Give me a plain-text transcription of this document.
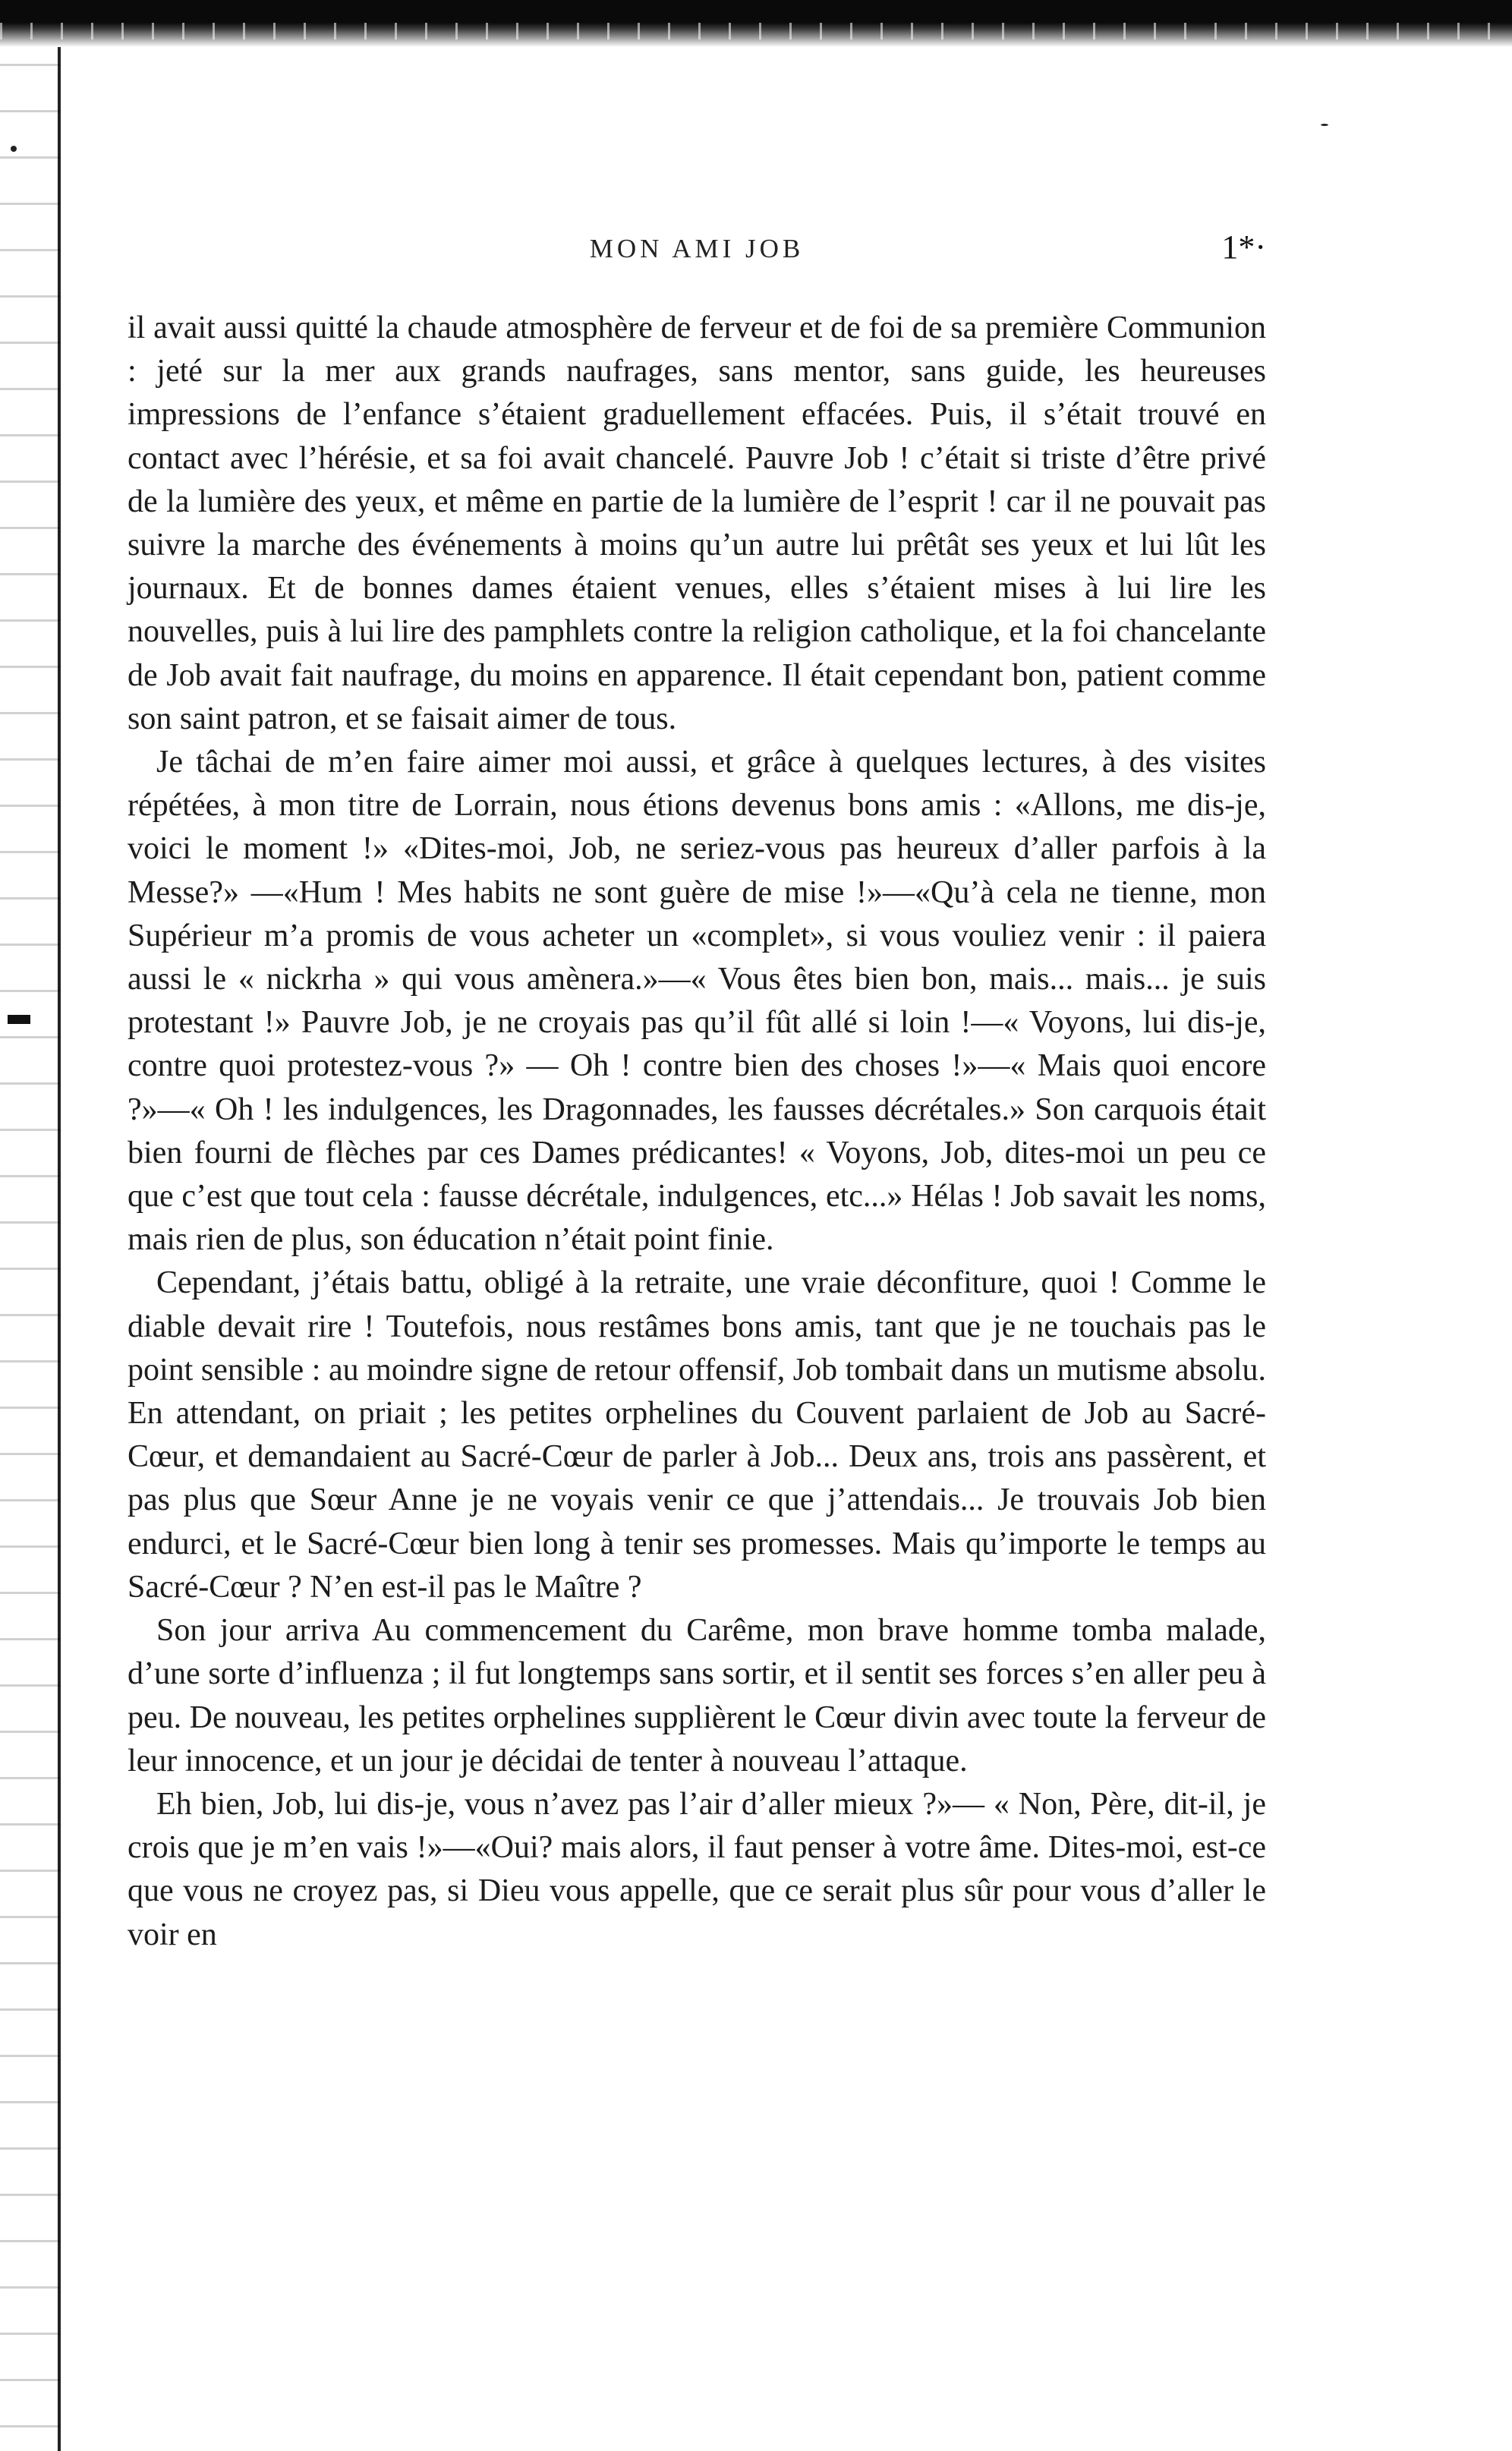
MON AMI JOB	1*·

il avait aussi quitté la chaude atmosphère de ferveur et de foi de sa première Communion : jeté sur la mer aux grands naufrages, sans mentor, sans guide, les heureuses impressions de l’enfance s’étaient graduellement effacées. Puis, il s’était trouvé en contact avec l’hérésie, et sa foi avait chancelé. Pauvre Job ! c’était si triste d’être privé de la lumière des yeux, et même en partie de la lumière de l’esprit ! car il ne pouvait pas suivre la marche des événements à moins qu’un autre lui prêtât ses yeux et lui lût les journaux. Et de bonnes dames étaient venues, elles s’étaient mises à lui lire les nouvelles, puis à lui lire des pamphlets contre la religion catholique, et la foi chancelante de Job avait fait naufrage, du moins en apparence. Il était cependant bon, patient comme son saint patron, et se faisait aimer de tous.

Je tâchai de m’en faire aimer moi aussi, et grâce à quelques lectures, à des visites répétées, à mon titre de Lorrain, nous étions devenus bons amis : «Allons, me dis-je, voici le moment !» «Dites-moi, Job, ne seriez-vous pas heureux d’aller parfois à la Messe?» —«Hum ! Mes habits ne sont guère de mise !»—«Qu’à cela ne tienne, mon Supérieur m’a promis de vous acheter un «complet», si vous vouliez venir : il paiera aussi le « nickrha » qui vous amènera.»—« Vous êtes bien bon, mais... mais... je suis protestant !» Pauvre Job, je ne croyais pas qu’il fût allé si loin !—« Voyons, lui dis-je, contre quoi protestez-vous ?» — Oh ! contre bien des choses !»—« Mais quoi encore ?»—« Oh ! les indulgences, les Dragonnades, les fausses décrétales.» Son carquois était bien fourni de flèches par ces Dames prédicantes! « Voyons, Job, dites-moi un peu ce que c’est que tout cela : fausse décrétale, indulgences, etc...» Hélas ! Job savait les noms, mais rien de plus, son éducation n’était point finie.

Cependant, j’étais battu, obligé à la retraite, une vraie déconfiture, quoi ! Comme le diable devait rire ! Toutefois, nous restâmes bons amis, tant que je ne touchais pas le point sensible : au moindre signe de retour offensif, Job tombait dans un mutisme absolu. En attendant, on priait ; les petites orphelines du Couvent parlaient de Job au Sacré-Cœur, et demandaient au Sacré-Cœur de parler à Job... Deux ans, trois ans passèrent, et pas plus que Sœur Anne je ne voyais venir ce que j’attendais... Je trouvais Job bien endurci, et le Sacré-Cœur bien long à tenir ses promesses. Mais qu’importe le temps au Sacré-Cœur ? N’en est-il pas le Maître ?

Son jour arriva Au commencement du Carême, mon brave homme tomba malade, d’une sorte d’influenza ; il fut longtemps sans sortir, et il sentit ses forces s’en aller peu à peu. De nouveau, les petites orphelines supplièrent le Cœur divin avec toute la ferveur de leur innocence, et un jour je décidai de tenter à nouveau l’attaque.

Eh bien, Job, lui dis-je, vous n’avez pas l’air d’aller mieux ?»— « Non, Père, dit-il, je crois que je m’en vais !»—«Oui? mais alors, il faut penser à votre âme. Dites-moi, est-ce que vous ne croyez pas, si Dieu vous appelle, que ce serait plus sûr pour vous d’aller le voir en
